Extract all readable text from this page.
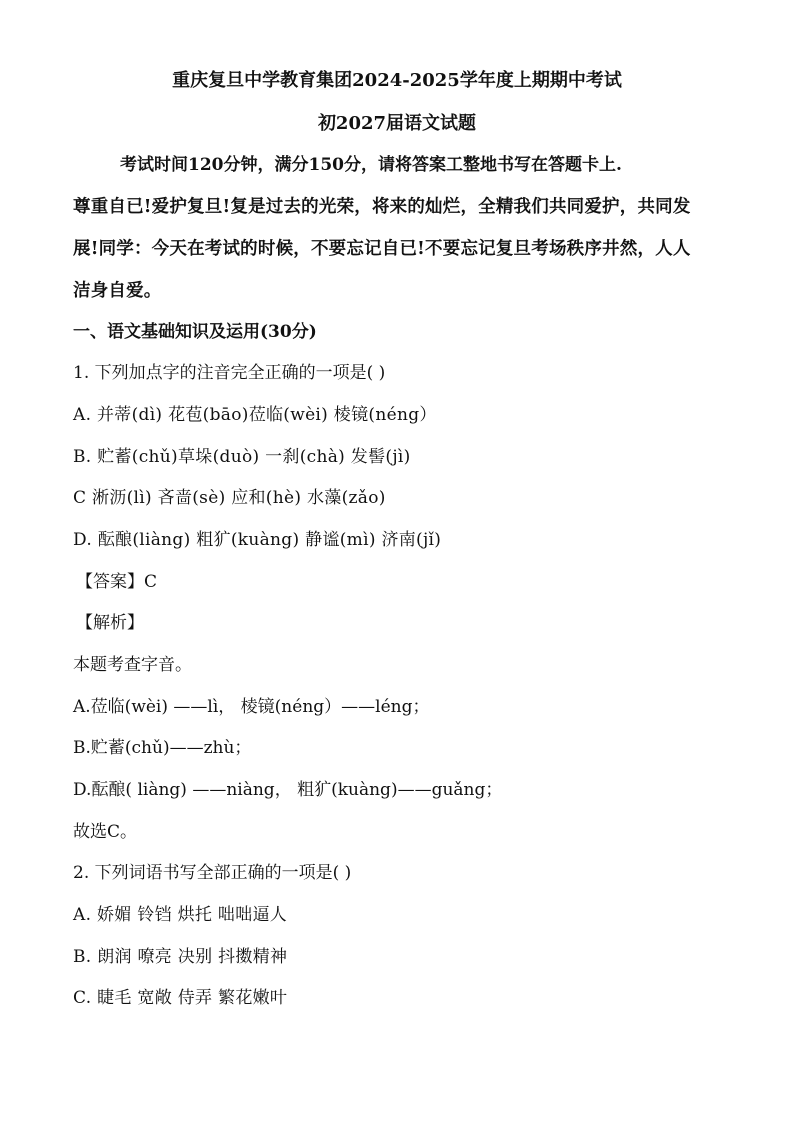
重庆复旦中学教育集团2024-2025学年度上期期中考试
初2027届语文试题
考试时间120分钟，满分150分，请将答案工整地书写在答题卡上.
尊重自已!爱护复旦!复是过去的光荣，将来的灿烂，全精我们共同爱护，共同发
展!同学：今天在考试的时候，不要忘记自已!不要忘记复旦考场秩序井然，人人
洁身自爱。
一、语文基础知识及运用(30分)
1. 下列加点字的注音完全正确的一项是( )
A. 并蒂(dì) 花苞(bāo)莅临(wèi) 棱镜(néng）
B. 贮蓄(chǔ)草垛(duò) 一刹(chà) 发髻(jì)
C 淅沥(lì) 吝啬(sè) 应和(hè) 水藻(zǎo)
D. 酝酿(liàng) 粗犷(kuàng) 静谧(mì) 济南(jǐ)
【答案】C
【解析】
本题考查字音。
A.莅临(wèi) ——lì， 棱镜(néng）——léng；
B.贮蓄(chǔ)——zhù；
D.酝酿( liàng) ——niàng， 粗犷(kuàng)——guǎng；
故选C。
2. 下列词语书写全部正确的一项是( )
A. 娇媚 铃铛 烘托 咄咄逼人
B. 朗润 嘹亮 决别 抖擞精神
C. 睫毛 宽敞 侍弄 繁花嫩叶
